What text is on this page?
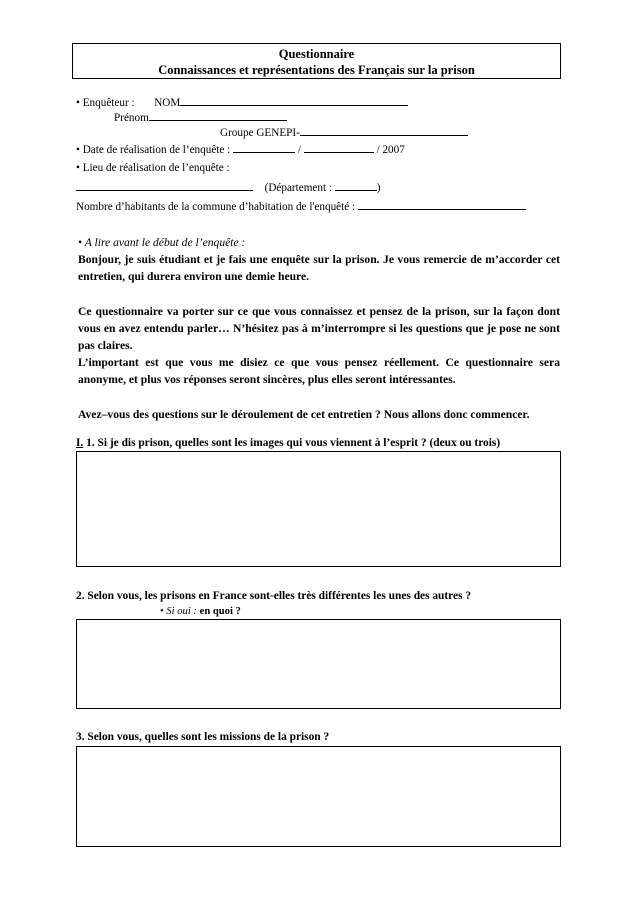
Questionnaire
Connaissances et représentations des Français sur la prison
• Enquêteur : NOM
Prénom
Groupe GENEPI-
• Date de réalisation de l’enquête :	/	/ 2007
• Lieu de réalisation de l’enquête :
(Département :	)
Nombre d’habitants de la commune d’habitation de l'enquêté :

• A lire avant le début de l’enquête :

Bonjour, je suis étudiant et je fais une enquête sur la prison. Je vous remercie de m’accorder cet entretien, qui durera environ une demie heure.

Ce questionnaire va porter sur ce que vous connaissez et pensez de la prison, sur la façon dont vous en avez entendu parler… N’hésitez pas à m’interrompre si les questions que je pose ne sont pas claires.

L’important est que vous me disiez ce que vous pensez réellement. Ce questionnaire sera anonyme, et plus vos réponses seront sincères, plus elles seront intéressantes.

Avez–vous des questions sur le déroulement de cet entretien ? Nous allons donc commencer.

I. 1. Si je dis prison, quelles sont les images qui vous viennent à l’esprit ? (deux ou trois)
2. Selon vous, les prisons en France sont-elles très différentes les unes des autres ?
• Si oui : en quoi ?
3. Selon vous, quelles sont les missions de la prison ?
